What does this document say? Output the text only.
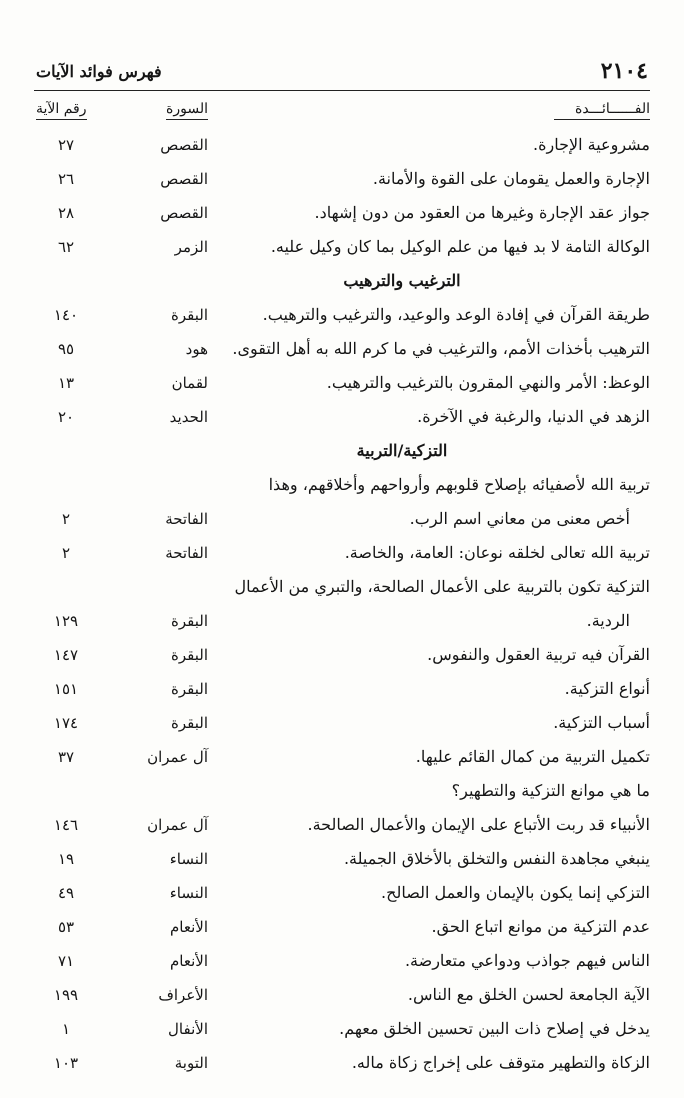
٢١٠٤
فهرس فوائد الآيات
الفــــــائـــدة
السورة
رقم الآية
مشروعية الإجارة.
القصص
٢٧
الإجارة والعمل يقومان على القوة والأمانة.
القصص
٢٦
جواز عقد الإجارة وغيرها من العقود من دون إشهاد.
القصص
٢٨
الوكالة التامة لا بد فيها من علم الوكيل بما كان وكيل عليه.
الزمر
٦٢
الترغيب والترهيب
طريقة القرآن في إفادة الوعد والوعيد، والترغيب والترهيب.
البقرة
١٤٠
الترهيب بأخذات الأمم، والترغيب في ما كرم الله به أهل التقوى.
هود
٩٥
الوعظ: الأمر والنهي المقرون بالترغيب والترهيب.
لقمان
١٣
الزهد في الدنيا، والرغبة في الآخرة.
الحديد
٢٠
التزكية/التربية
تربية الله لأصفيائه بإصلاح قلوبهم وأرواحهم وأخلاقهم، وهذا
أخص معنى من معاني اسم الرب.
الفاتحة
٢
تربية الله تعالى لخلقه نوعان: العامة، والخاصة.
الفاتحة
٢
التزكية تكون بالتربية على الأعمال الصالحة، والتبري من الأعمال
الردية.
البقرة
١٢٩
القرآن فيه تربية العقول والنفوس.
البقرة
١٤٧
أنواع التزكية.
البقرة
١٥١
أسباب التزكية.
البقرة
١٧٤
تكميل التربية من كمال القائم عليها.
آل عمران
٣٧
ما هي موانع التزكية والتطهير؟
الأنبياء قد ربت الأتباع على الإيمان والأعمال الصالحة.
آل عمران
١٤٦
ينبغي مجاهدة النفس والتخلق بالأخلاق الجميلة.
النساء
١٩
التزكي إنما يكون بالإيمان والعمل الصالح.
النساء
٤٩
عدم التزكية من موانع اتباع الحق.
الأنعام
٥٣
الناس فيهم جواذب ودواعي متعارضة.
الأنعام
٧١
الآية الجامعة لحسن الخلق مع الناس.
الأعراف
١٩٩
يدخل في إصلاح ذات البين تحسين الخلق معهم.
الأنفال
١
الزكاة والتطهير متوقف على إخراج زكاة ماله.
التوبة
١٠٣
